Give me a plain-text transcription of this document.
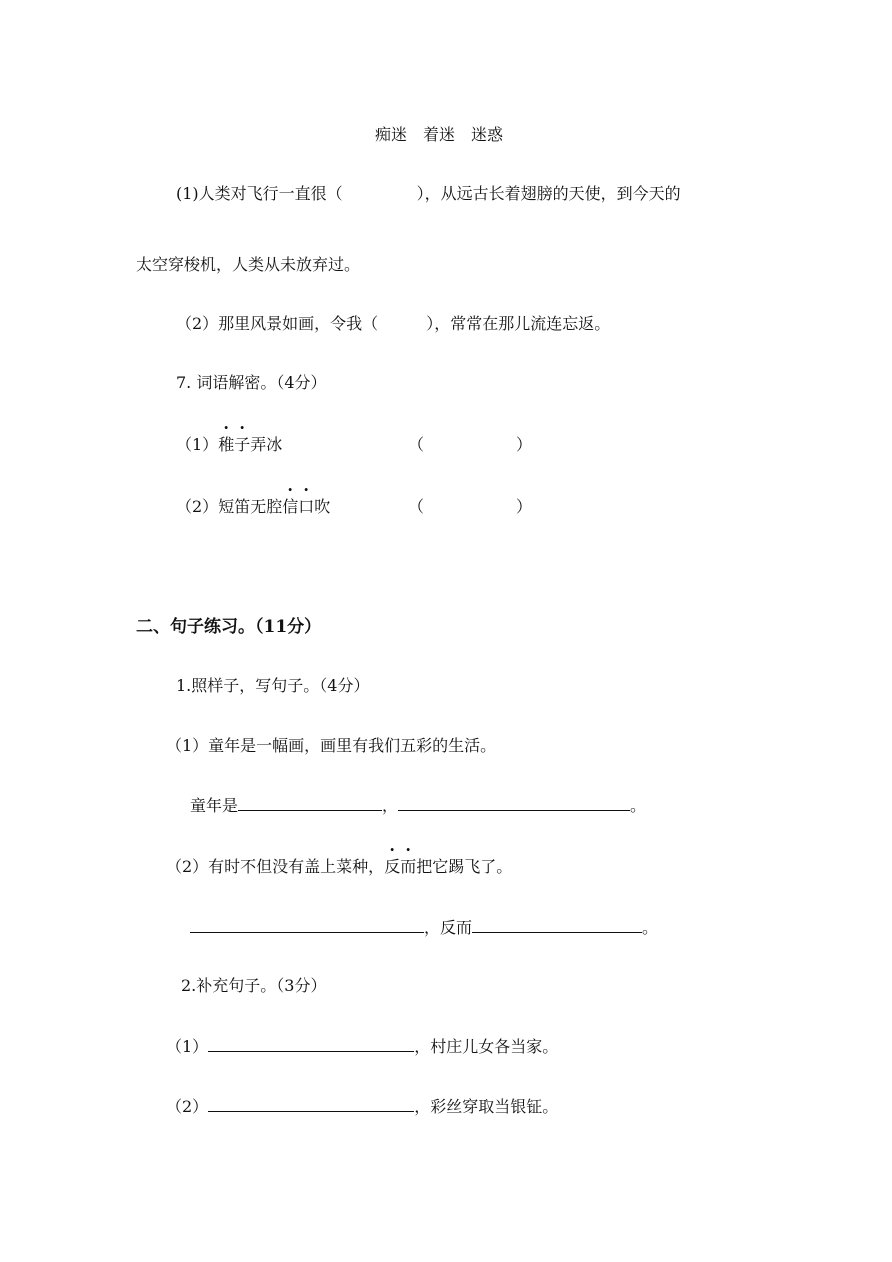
痴迷　着迷　迷惑
(1)人类对飞行一直很（	），从远古长着翅膀的天使，到今天的
太空穿梭机，人类从未放弃过。
（2）那里风景如画，令我（	），常常在那儿流连忘返。
7. 词语解密。（4分）
（1）稚子弄冰	（	）
（2）短笛无腔信口吹	（	）
二、句子练习。（11分）
1.照样子，写句子。（4分）
（1）童年是一幅画，画里有我们五彩的生活。
童年是	，	。
（2）有时不但没有盖上菜种，反而把它踢飞了。
，反而	。
2.补充句子。（3分）
（1）	，村庄儿女各当家。
（2）	，彩丝穿取当银钲。
